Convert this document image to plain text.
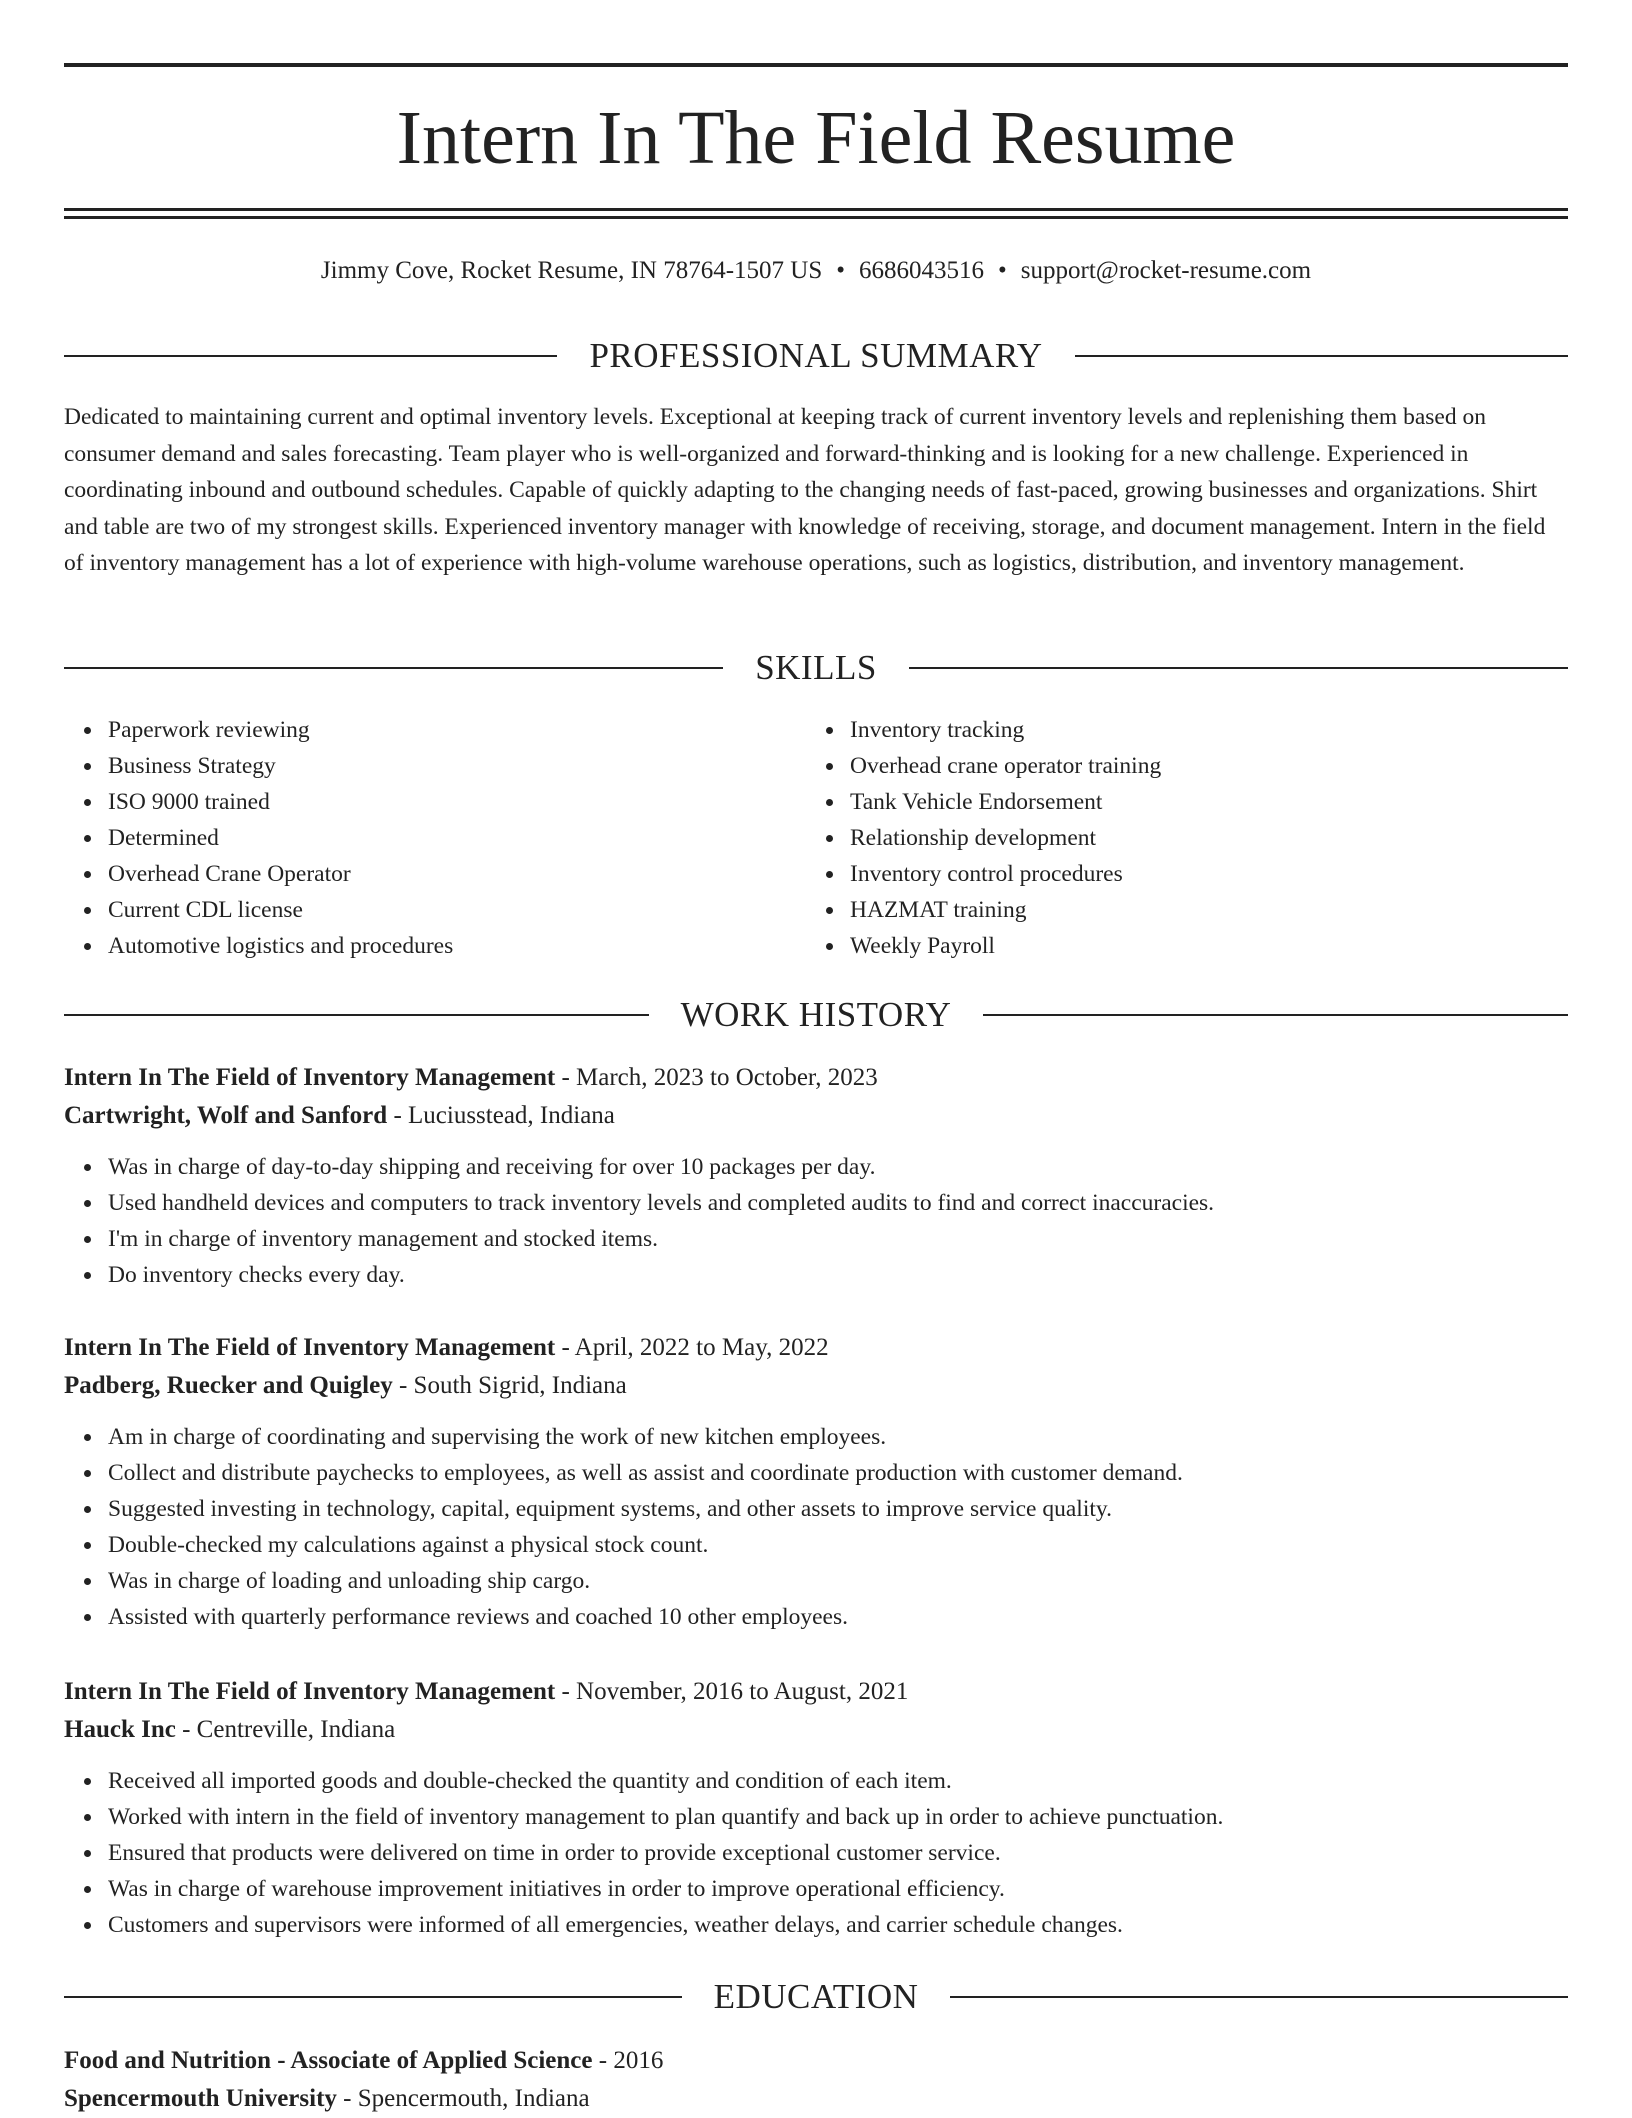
Intern In The Field Resume
Jimmy Cove, Rocket Resume, IN 78764-1507 US • 6686043516 • support@rocket-resume.com
PROFESSIONAL SUMMARY

Dedicated to maintaining current and optimal inventory levels. Exceptional at keeping track of current inventory levels and replenishing them based on consumer demand and sales forecasting. Team player who is well-organized and forward-thinking and is looking for a new challenge. Experienced in coordinating inbound and outbound schedules. Capable of quickly adapting to the changing needs of fast-paced, growing businesses and organizations. Shirt and table are two of my strongest skills. Experienced inventory manager with knowledge of receiving, storage, and document management. Intern in the field of inventory management has a lot of experience with high-volume warehouse operations, such as logistics, distribution, and inventory management.

SKILLS
Paperwork reviewing
Business Strategy
ISO 9000 trained
Determined
Overhead Crane Operator
Current CDL license
Automotive logistics and procedures
Inventory tracking
Overhead crane operator training
Tank Vehicle Endorsement
Relationship development
Inventory control procedures
HAZMAT training
Weekly Payroll
WORK HISTORY
Intern In The Field of Inventory Management - March, 2023 to October, 2023
Cartwright, Wolf and Sanford - Luciusstead, Indiana
Was in charge of day-to-day shipping and receiving for over 10 packages per day.
Used handheld devices and computers to track inventory levels and completed audits to find and correct inaccuracies.
I'm in charge of inventory management and stocked items.
Do inventory checks every day.
Intern In The Field of Inventory Management - April, 2022 to May, 2022
Padberg, Ruecker and Quigley - South Sigrid, Indiana
Am in charge of coordinating and supervising the work of new kitchen employees.
Collect and distribute paychecks to employees, as well as assist and coordinate production with customer demand.
Suggested investing in technology, capital, equipment systems, and other assets to improve service quality.
Double-checked my calculations against a physical stock count.
Was in charge of loading and unloading ship cargo.
Assisted with quarterly performance reviews and coached 10 other employees.
Intern In The Field of Inventory Management - November, 2016 to August, 2021
Hauck Inc - Centreville, Indiana
Received all imported goods and double-checked the quantity and condition of each item.
Worked with intern in the field of inventory management to plan quantify and back up in order to achieve punctuation.
Ensured that products were delivered on time in order to provide exceptional customer service.
Was in charge of warehouse improvement initiatives in order to improve operational efficiency.
Customers and supervisors were informed of all emergencies, weather delays, and carrier schedule changes.
EDUCATION
Food and Nutrition - Associate of Applied Science - 2016
Spencermouth University - Spencermouth, Indiana
